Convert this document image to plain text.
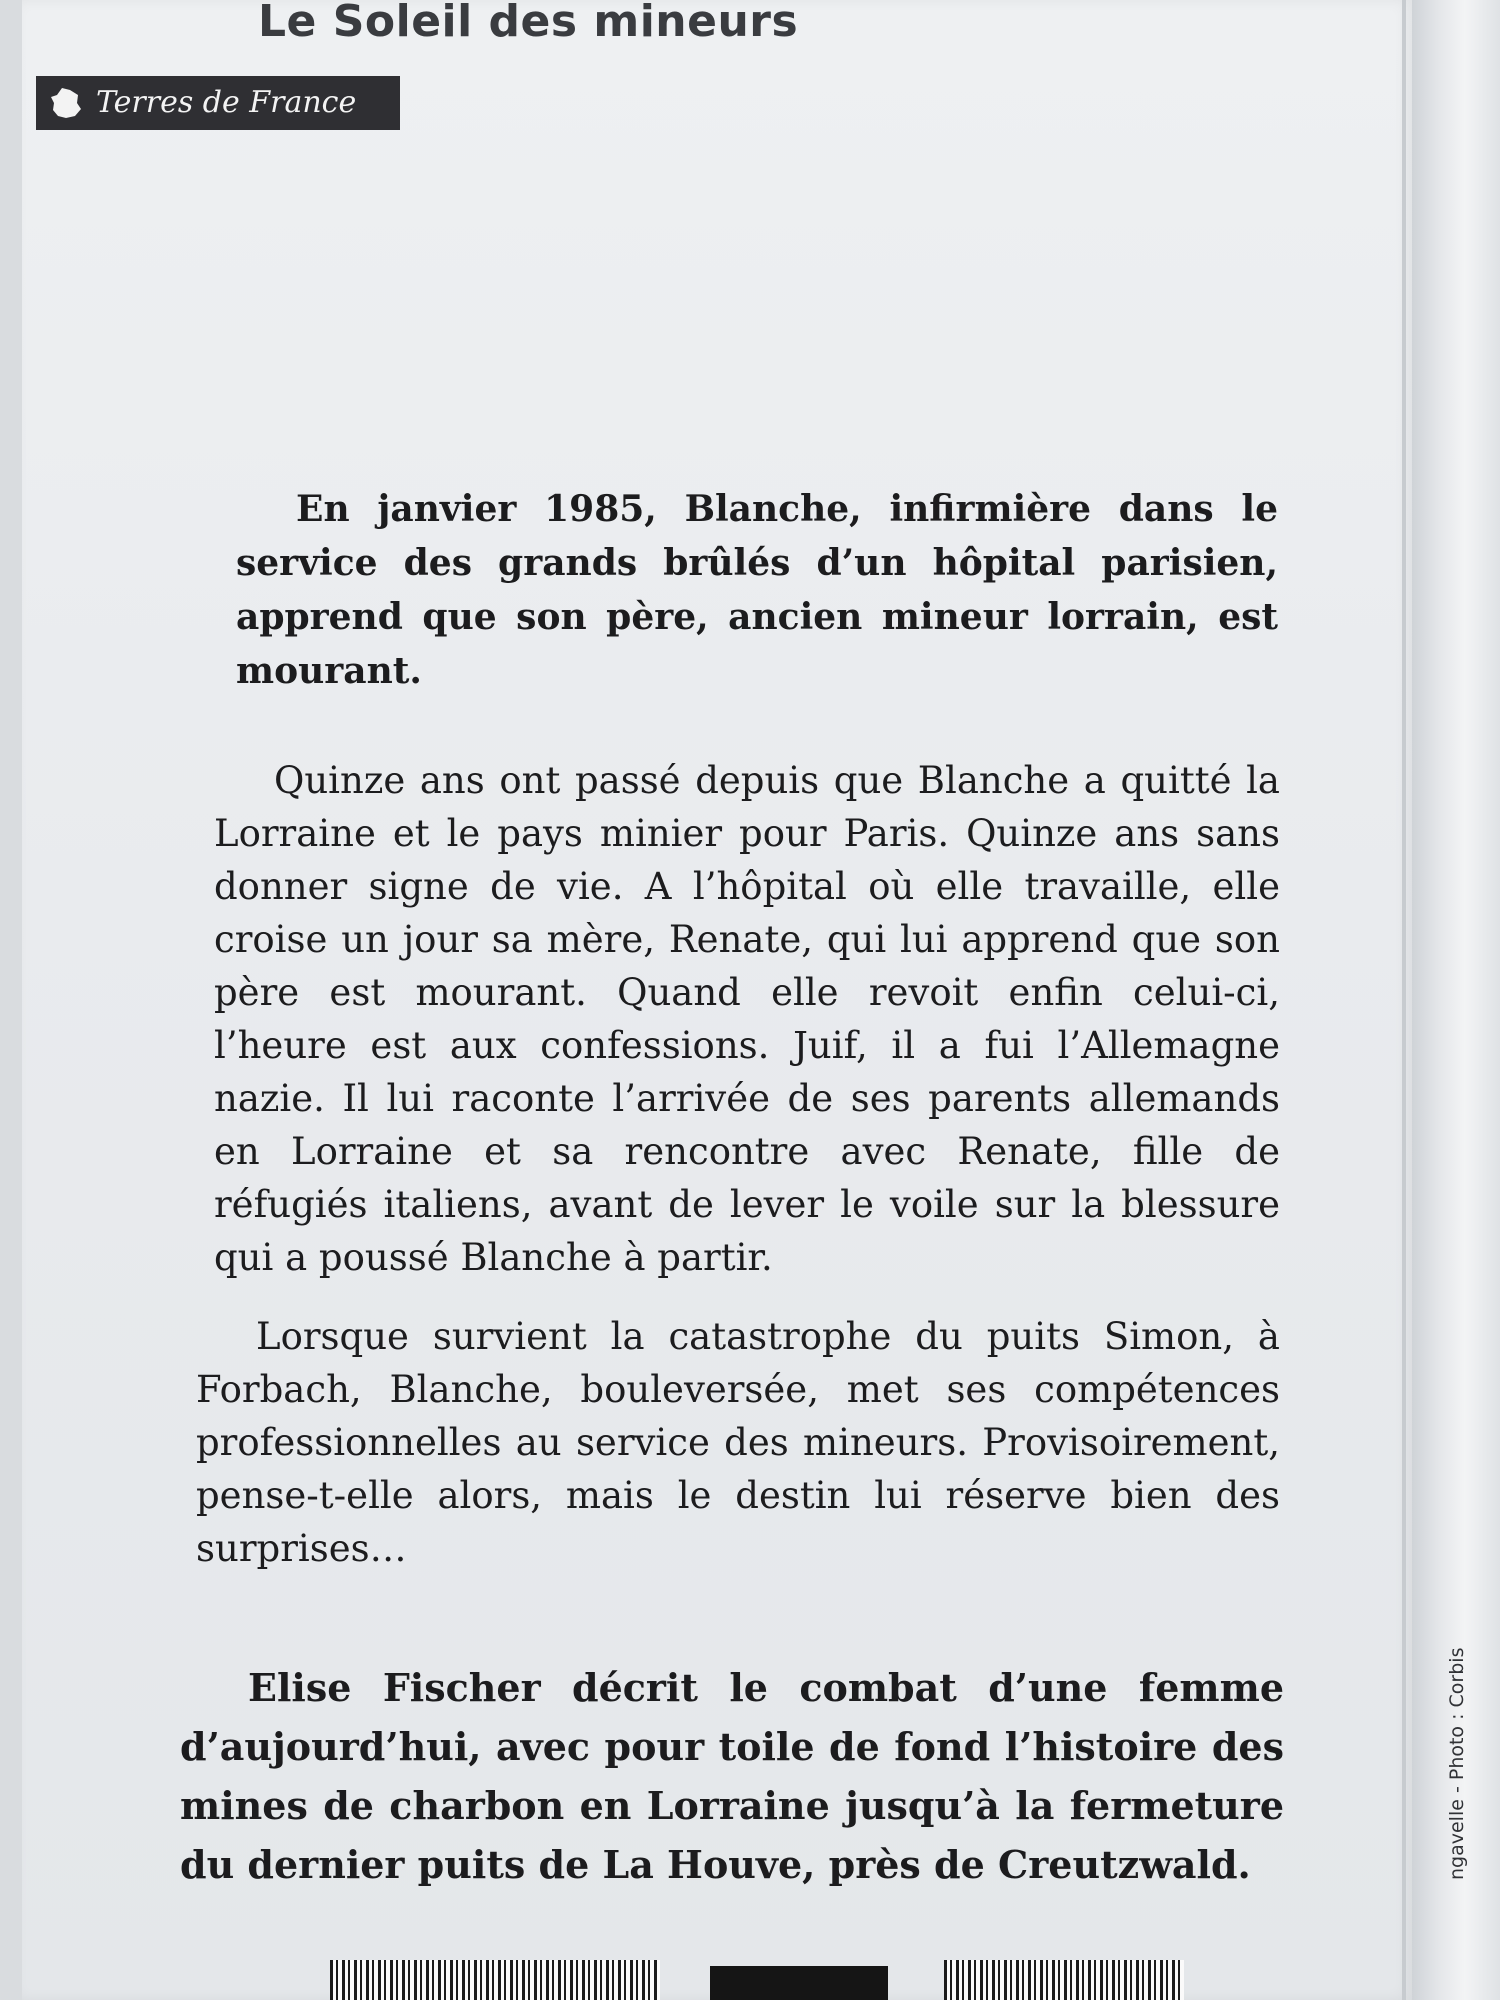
Le Soleil des mineurs
Terres de France

En janvier 1985, Blanche, infirmière dans le service des grands brûlés d’un hôpital parisien, apprend que son père, ancien mineur lorrain, est mourant.

Quinze ans ont passé depuis que Blanche a quitté la Lorraine et le pays minier pour Paris. Quinze ans sans donner signe de vie. A l’hôpital où elle travaille, elle croise un jour sa mère, Renate, qui lui apprend que son père est mourant. Quand elle revoit enfin celui-ci, l’heure est aux confessions. Juif, il a fui l’Allemagne nazie. Il lui raconte l’arrivée de ses parents allemands en Lorraine et sa rencontre avec Renate, fille de réfugiés italiens, avant de lever le voile sur la blessure qui a poussé Blanche à partir.

Lorsque survient la catastrophe du puits Simon, à Forbach, Blanche, bouleversée, met ses compétences professionnelles au service des mineurs. Provisoirement, pense-t-elle alors, mais le destin lui réserve bien des surprises…

Elise Fischer décrit le combat d’une femme d’aujourd’hui, avec pour toile de fond l’histoire des mines de charbon en Lorraine jusqu’à la fermeture du dernier puits de La Houve, près de Creutzwald.	ngavelle - Photo : Corbis
